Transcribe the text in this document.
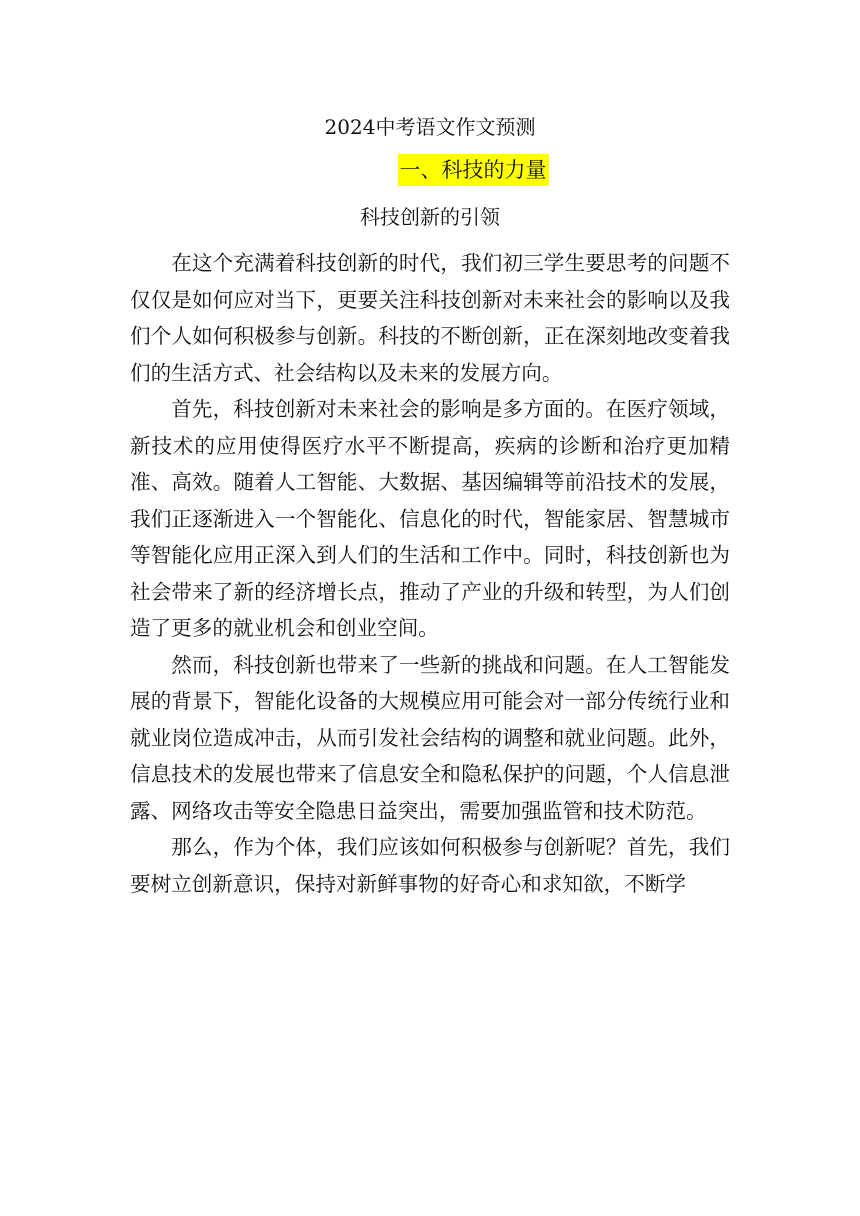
2024中考语文作文预测
一、科技的力量
科技创新的引领

在这个充满着科技创新的时代，我们初三学生要思考的问题不仅仅是如何应对当下，更要关注科技创新对未来社会的影响以及我们个人如何积极参与创新。科技的不断创新，正在深刻地改变着我们的生活方式、社会结构以及未来的发展方向。

首先，科技创新对未来社会的影响是多方面的。在医疗领域，新技术的应用使得医疗水平不断提高，疾病的诊断和治疗更加精准、高效。随着人工智能、大数据、基因编辑等前沿技术的发展，我们正逐渐进入一个智能化、信息化的时代，智能家居、智慧城市等智能化应用正深入到人们的生活和工作中。同时，科技创新也为社会带来了新的经济增长点，推动了产业的升级和转型，为人们创造了更多的就业机会和创业空间。

然而，科技创新也带来了一些新的挑战和问题。在人工智能发展的背景下，智能化设备的大规模应用可能会对一部分传统行业和就业岗位造成冲击，从而引发社会结构的调整和就业问题。此外，信息技术的发展也带来了信息安全和隐私保护的问题，个人信息泄露、网络攻击等安全隐患日益突出，需要加强监管和技术防范。

那么，作为个体，我们应该如何积极参与创新呢？首先，我们要树立创新意识，保持对新鲜事物的好奇心和求知欲，不断学
